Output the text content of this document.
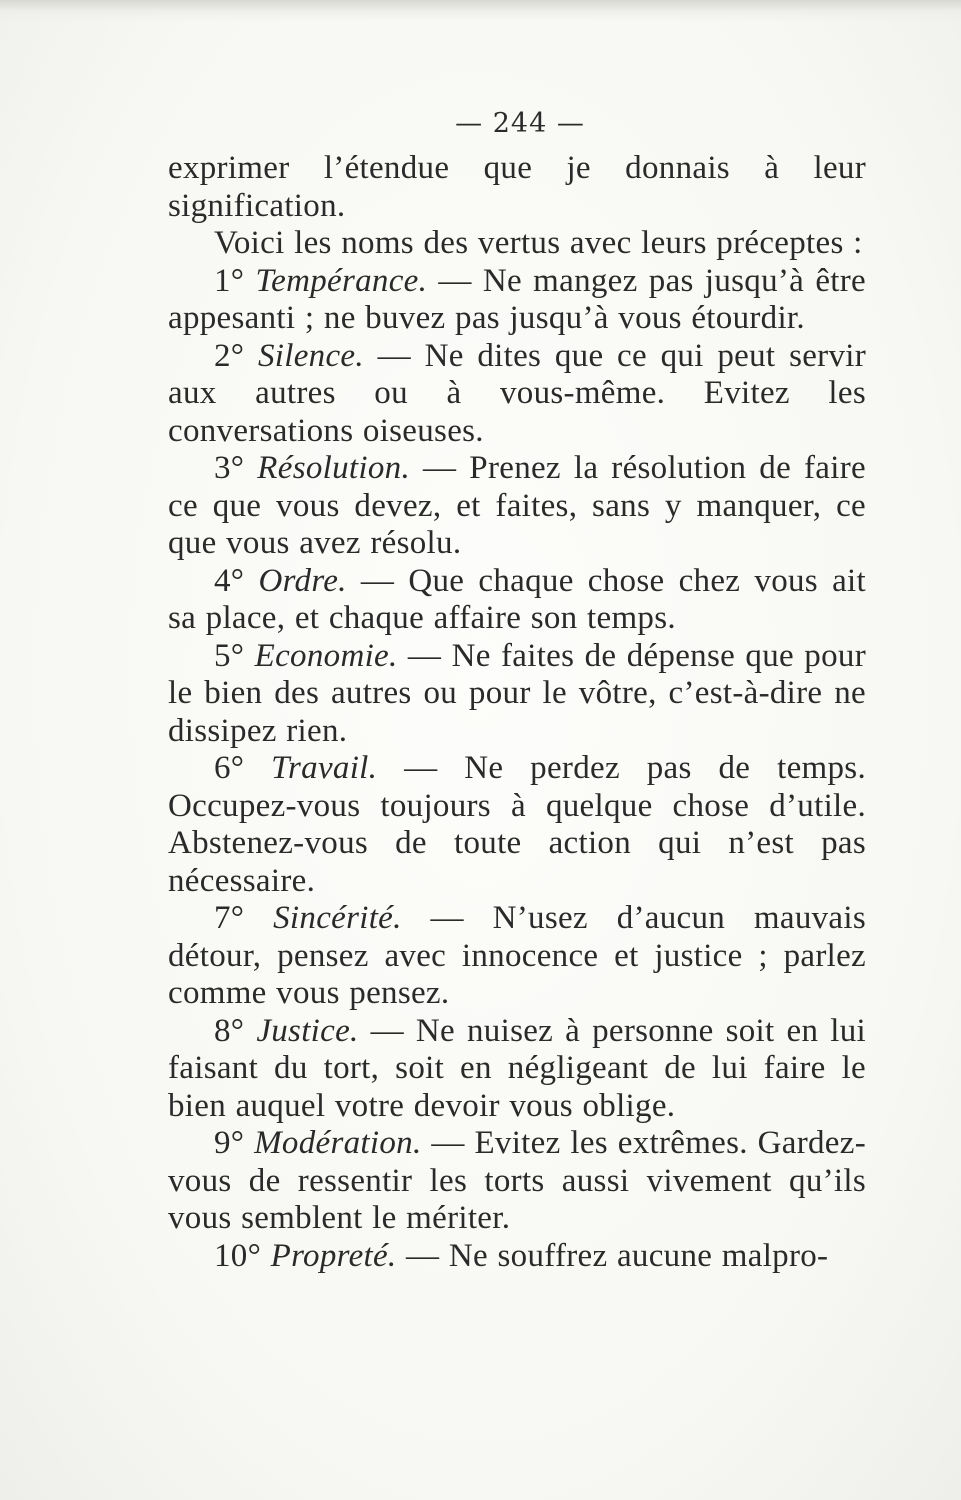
— 244 —

exprimer l’étendue que je donnais à leur signification.

Voici les noms des vertus avec leurs préceptes :

1° Tempérance. — Ne mangez pas jusqu’à être appesanti ; ne buvez pas jusqu’à vous étourdir.

2° Silence. — Ne dites que ce qui peut servir aux autres ou à vous-même. Evitez les conversations oiseuses.

3° Résolution. — Prenez la résolution de faire ce que vous devez, et faites, sans y manquer, ce que vous avez résolu.

4° Ordre. — Que chaque chose chez vous ait sa place, et chaque affaire son temps.

5° Economie. — Ne faites de dépense que pour le bien des autres ou pour le vôtre, c’est-à-dire ne dissipez rien.

6° Travail. — Ne perdez pas de temps. Occupez-vous toujours à quelque chose d’utile. Abstenez-vous de toute action qui n’est pas nécessaire.

7° Sincérité. — N’usez d’aucun mauvais détour, pensez avec innocence et justice ; parlez comme vous pensez.

8° Justice. — Ne nuisez à personne soit en lui faisant du tort, soit en négligeant de lui faire le bien auquel votre devoir vous oblige.

9° Modération. — Evitez les extrêmes. Gardez-vous de ressentir les torts aussi vivement qu’ils vous semblent le mériter.

10° Propreté. — Ne souffrez aucune malpro-
